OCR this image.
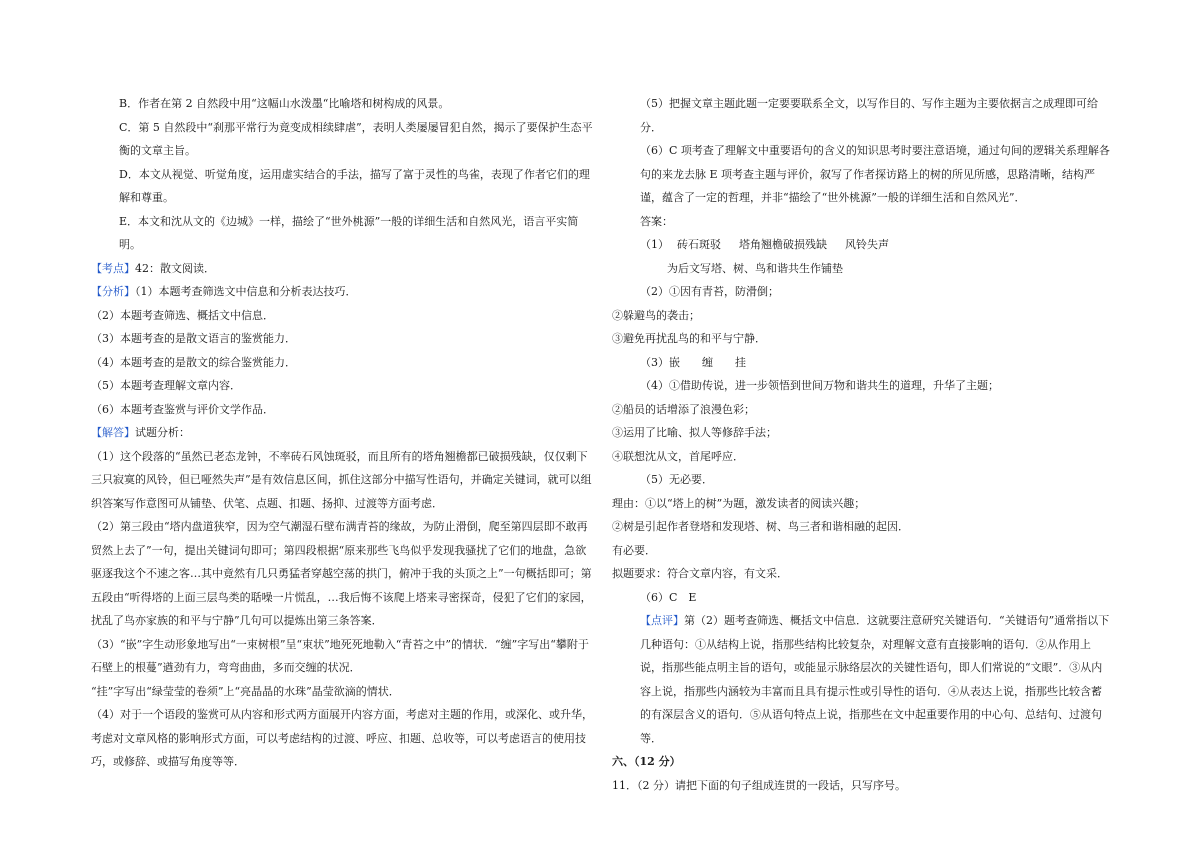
B．作者在第 2 自然段中用“这幅山水泼墨“比喻塔和树构成的风景。

C．第 5 自然段中“刹那平常行为竟变成相续肆虐”，表明人类屡屡冒犯自然，揭示了要保护生态平衡的文章主旨。

D．本文从视觉、听觉角度，运用虚实结合的手法，描写了富于灵性的鸟雀，表现了作者它们的理解和尊重。

E．本文和沈从文的《边城》一样，描绘了“世外桃源”一般的详细生活和自然风光，语言平实简明。

【考点】42：散文阅读．

【分析】（1）本题考查筛选文中信息和分析表达技巧．

（2）本题考查筛选、概括文中信息．

（3）本题考查的是散文语言的鉴赏能力．

（4）本题考查的是散文的综合鉴赏能力．

（5）本题考查理解文章内容．

（6）本题考查鉴赏与评价文学作品．

【解答】试题分析：

（1）这个段落的“虽然已老态龙钟，不率砖石风蚀斑驳，而且所有的塔角翘檐都已破损残缺，仅仅剩下三只寂寞的风铃，但已哑然失声”是有效信息区间，抓住这部分中描写性语句，并确定关键词，就可以组织答案写作意图可从铺垫、伏笔、点题、扣题、扬抑、过渡等方面考虑．

（2）第三段由“塔内盘道狭窄，因为空气潮湿石壁布满青苔的缘故，为防止滑倒，爬至第四层即不敢再贸然上去了”一句，提出关键词句即可；第四段根据“原来那些飞鸟似乎发现我骚扰了它们的地盘，急欲驱逐我这个不速之客…其中竟然有几只勇猛者穿越空荡的拱门，俯冲于我的头顶之上”一句概括即可；第五段由“听得塔的上面三层鸟类的聒噪一片慌乱，…我后悔不该爬上塔来寻密探奇，侵犯了它们的家园，扰乱了鸟亦家族的和平与宁静”几句可以提炼出第三条答案．

（3）“嵌”字生动形象地写出“一束树根”呈“束状”地死死地勒入“青苔之中”的情状．“缠”字写出“攀附于石壁上的根蔓”遒劲有力，弯弯曲曲，多而交缠的状况．

“挂”字写出“绿莹莹的卷须”上“亮晶晶的水珠”晶莹欲滴的情状．

（4）对于一个语段的鉴赏可从内容和形式两方面展开内容方面，考虑对主题的作用，或深化、或升华，考虑对文章风格的影响形式方面，可以考虑结构的过渡、呼应、扣题、总收等，可以考虑语言的使用技巧，或修辞、或描写角度等等．

（5）把握文章主题此题一定要要联系全文，以写作目的、写作主题为主要依据言之成理即可给分．

（6）C 项考查了理解文中重要语句的含义的知识思考时要注意语境，通过句间的逻辑关系理解各句的来龙去脉 E 项考查主题与评价，叙写了作者探访路上的树的所见所感，思路清晰，结构严谨，蕴含了一定的哲理，并非“描绘了“世外桃源”一般的详细生活和自然风光”．

答案：

（1） 砖石斑驳 塔角翘檐破损残缺 风铃失声

为后文写塔、树、鸟和谐共生作铺垫

（2）①因有青苔，防滑倒；

②躲避鸟的袭击；

③避免再扰乱鸟的和平与宁静．

（3）嵌 缠 挂

（4）①借助传说，进一步领悟到世间万物和谐共生的道理，升华了主题；

②船员的话增添了浪漫色彩；

③运用了比喻、拟人等修辞手法；

④联想沈从文，首尾呼应．

（5）无必要．

理由：①以“塔上的树”为题，激发读者的阅读兴趣；

②树是引起作者登塔和发现塔、树、鸟三者和谐相融的起因．

有必要．

拟题要求：符合文章内容，有文采．

（6）C　E

【点评】第（2）题考查筛选、概括文中信息．这就要注意研究关键语句．“关键语句”通常指以下几种语句：①从结构上说，指那些结构比较复杂，对理解文意有直接影响的语句．②从作用上说，指那些能点明主旨的语句，或能显示脉络层次的关键性语句，即人们常说的“文眼”．③从内容上说，指那些内涵较为丰富而且具有提示性或引导性的语句．④从表达上说，指那些比较含蓄的有深层含义的语句．⑤从语句特点上说，指那些在文中起重要作用的中心句、总结句、过渡句等．

六、（12 分）

11．（2 分）请把下面的句子组成连贯的一段话，只写序号。
